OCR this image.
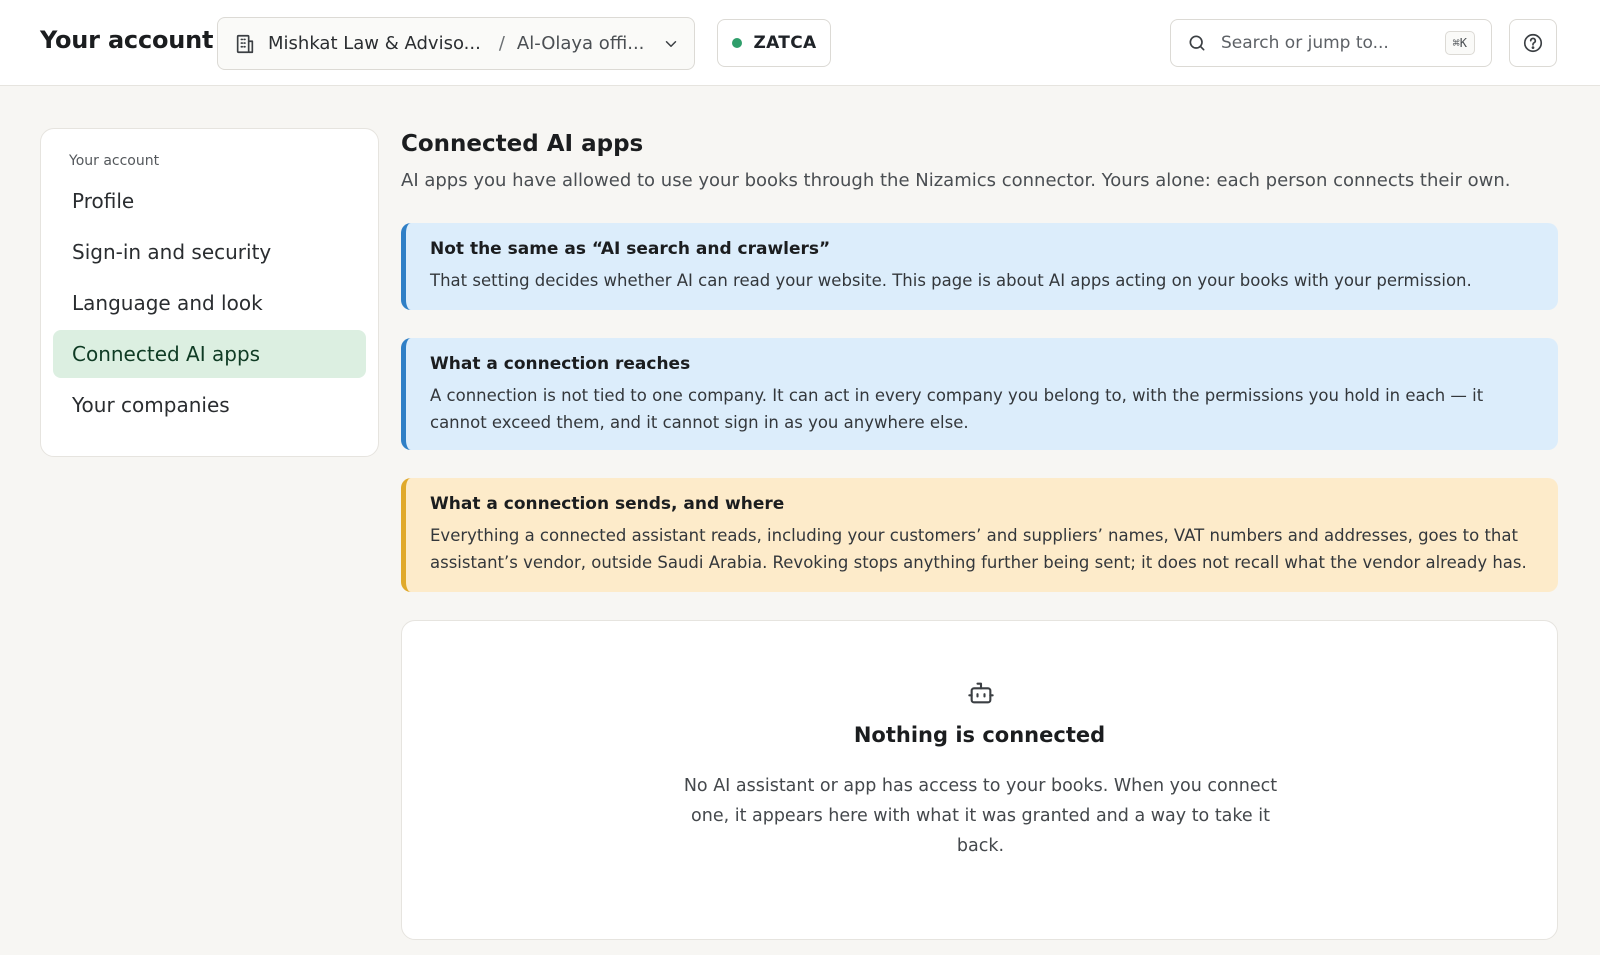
Your account	Mishkat Law & Adviso... / Al-Olaya offi...	ZATCA	Search or jump to...	⌘K
Your account
Profile
Sign-in and security
Language and look
Connected AI apps
Your companies
Connected AI apps

AI apps you have allowed to use your books through the Nizamics connector. Yours alone: each person connects their own.

Not the same as “AI search and crawlers”
That setting decides whether AI can read your website. This page is about AI apps acting on your books with your permission.
What a connection reaches
A connection is not tied to one company. It can act in every company you belong to, with the permissions you hold in each — it cannot exceed them, and it cannot sign in as you anywhere else.
What a connection sends, and where
Everything a connected assistant reads, including your customers’ and suppliers’ names, VAT numbers and addresses, goes to that assistant’s vendor, outside Saudi Arabia. Revoking stops anything further being sent; it does not recall what the vendor already has.
Nothing is connected
No AI assistant or app has access to your books. When you connect one, it appears here with what it was granted and a way to take it back.
